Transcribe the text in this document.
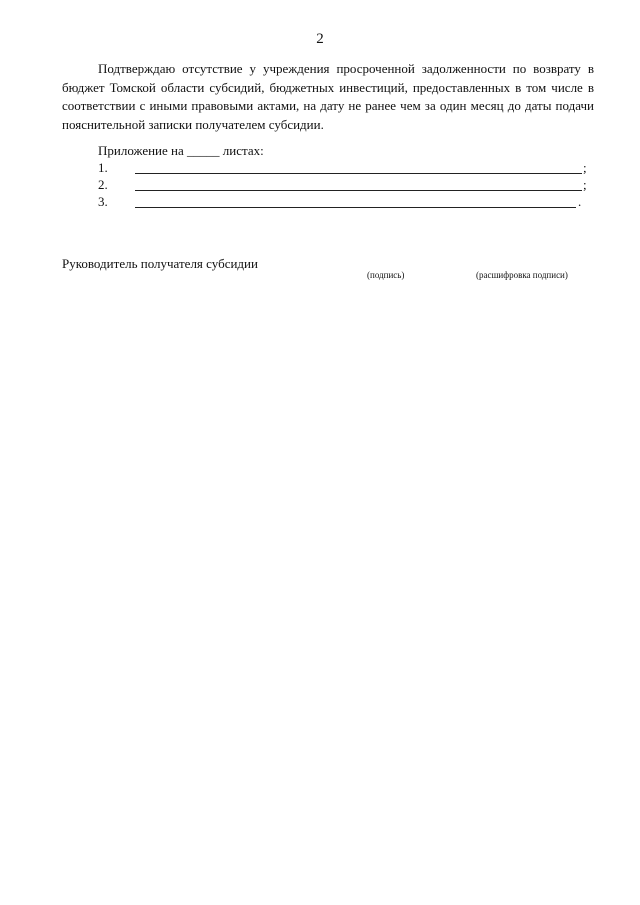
2
Подтверждаю отсутствие у учреждения просроченной задолженности по возврату в бюджет Томской области субсидий, бюджетных инвестиций, предоставленных в том числе в соответствии с иными правовыми актами, на дату не ранее чем за один месяц до даты подачи пояснительной записки получателем субсидии.
Приложение на _____ листах:
1.	;
2.	;
3.	.
Руководитель получателя субсидии
(подпись)	(расшифровка подписи)
